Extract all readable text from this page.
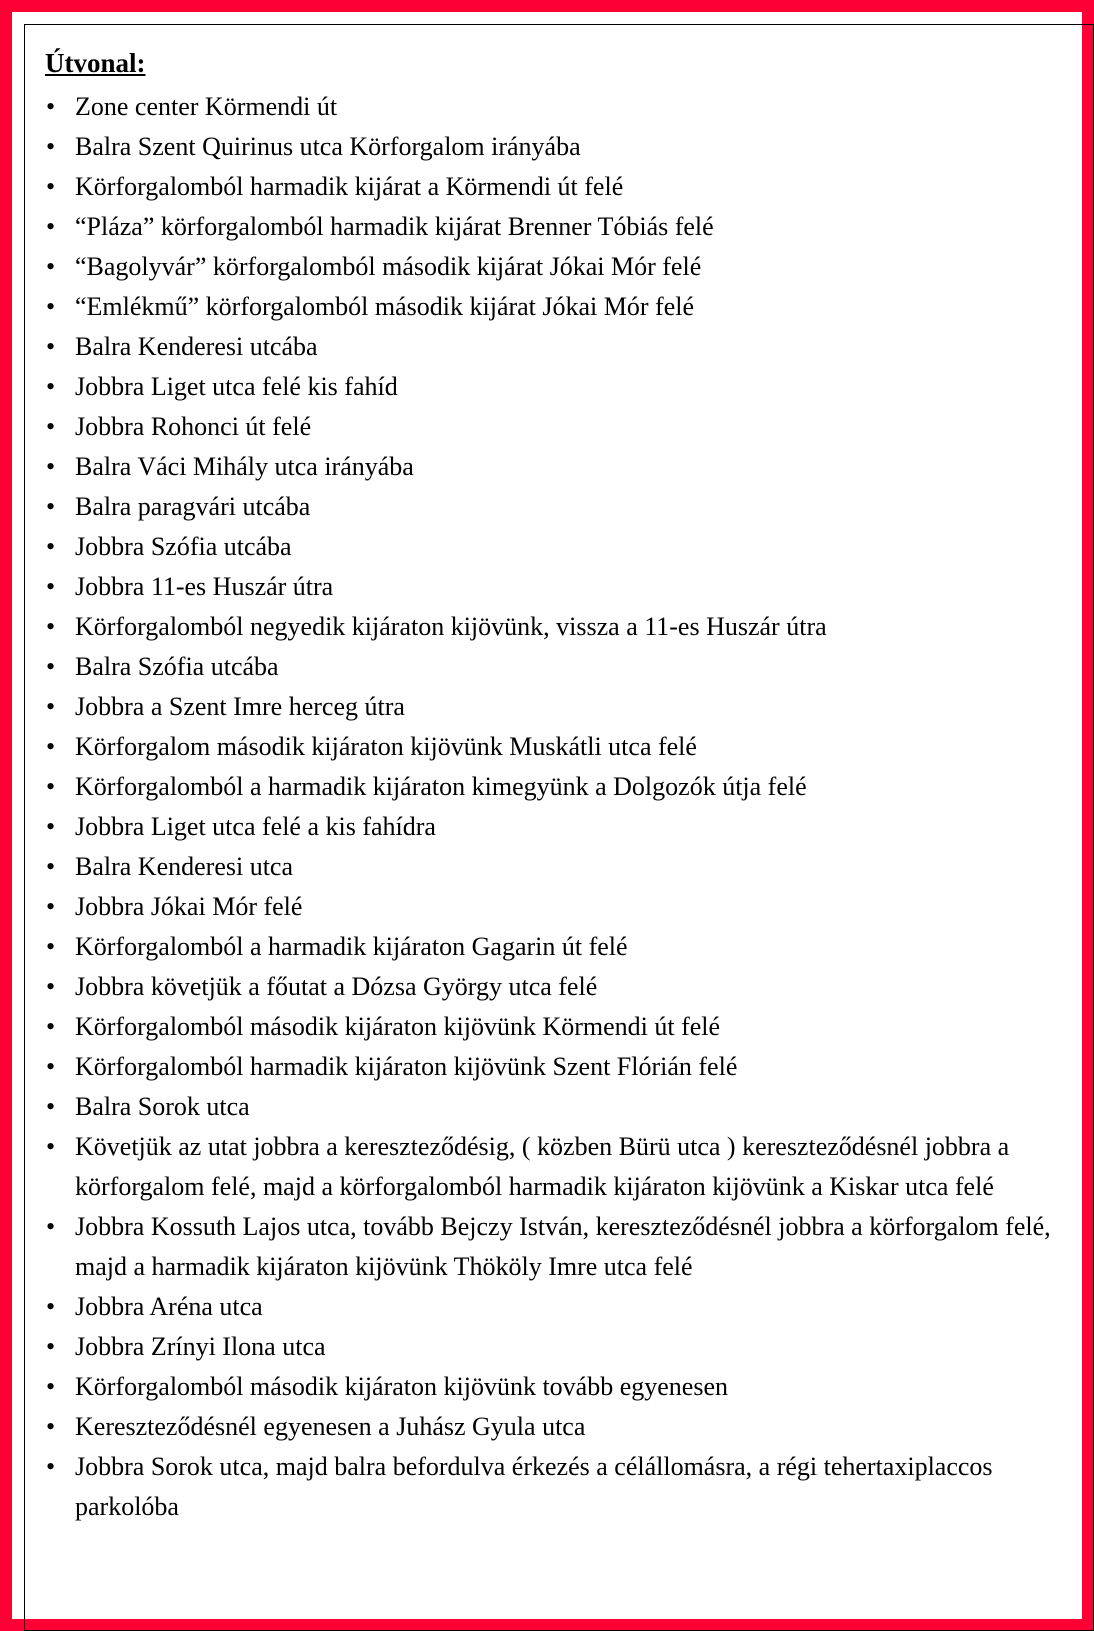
Útvonal:
•
Zone center Körmendi út
•
Balra Szent Quirinus utca Körforgalom irányába
•
Körforgalomból harmadik kijárat a Körmendi út felé
•
“Pláza” körforgalomból harmadik kijárat Brenner Tóbiás felé
•
“Bagolyvár” körforgalomból második kijárat Jókai Mór felé
•
“Emlékmű” körforgalomból második kijárat Jókai Mór felé
•
Balra Kenderesi utcába
•
Jobbra Liget utca felé kis fahíd
•
Jobbra Rohonci út felé
•
Balra Váci Mihály utca irányába
•
Balra paragvári utcába
•
Jobbra Szófia utcába
•
Jobbra 11-es Huszár útra
•
Körforgalomból negyedik kijáraton kijövünk, vissza a 11-es Huszár útra
•
Balra Szófia utcába
•
Jobbra a Szent Imre herceg útra
•
Körforgalom második kijáraton kijövünk Muskátli utca felé
•
Körforgalomból a harmadik kijáraton kimegyünk a Dolgozók útja felé
•
Jobbra Liget utca felé a kis fahídra
•
Balra Kenderesi utca
•
Jobbra Jókai Mór felé
•
Körforgalomból a harmadik kijáraton Gagarin út felé
•
Jobbra követjük a főutat a Dózsa György utca felé
•
Körforgalomból második kijáraton kijövünk Körmendi út felé
•
Körforgalomból harmadik kijáraton kijövünk Szent Flórián felé
•
Balra Sorok utca
•
Követjük az utat jobbra a kereszteződésig, ( közben Bürü utca ) kereszteződésnél jobbra a körforgalom felé, majd a körforgalomból harmadik kijáraton kijövünk a Kiskar utca felé
•
Jobbra Kossuth Lajos utca, tovább Bejczy István, kereszteződésnél jobbra a körforgalom felé, majd a harmadik kijáraton kijövünk Thököly Imre utca felé
•
Jobbra Aréna utca
•
Jobbra Zrínyi Ilona utca
•
Körforgalomból második kijáraton kijövünk tovább egyenesen
•
Kereszteződésnél egyenesen a Juhász Gyula utca
•
Jobbra Sorok utca, majd balra befordulva érkezés a célállomásra, a régi tehertaxiplaccos parkolóba
